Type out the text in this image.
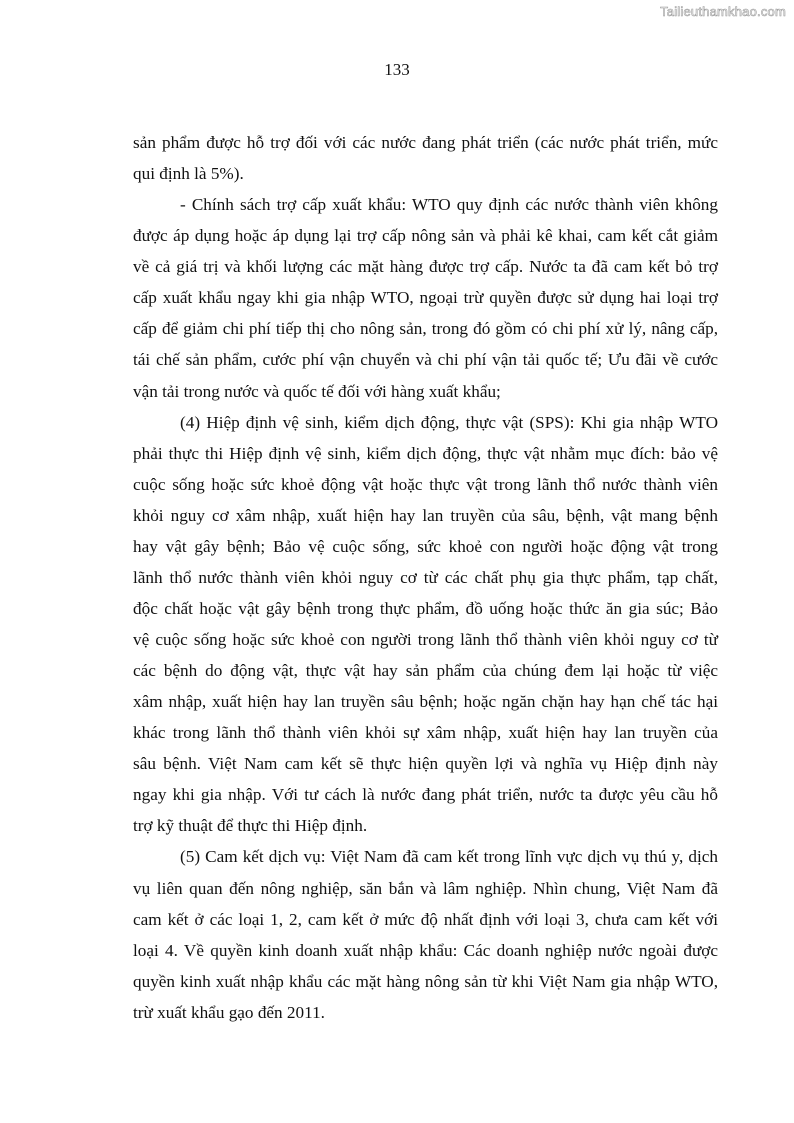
Tailieuthamkhao.com
133
sản phẩm được hỗ trợ đối với các nước đang phát triển (các nước phát triển, mức
qui định là 5%).
- Chính sách trợ cấp xuất khẩu: WTO quy định các nước thành viên không
được áp dụng hoặc áp dụng lại trợ cấp nông sản và phải kê khai, cam kết cắt giảm
về cả giá trị và khối lượng các mặt hàng được trợ cấp. Nước ta đã cam kết bỏ trợ
cấp xuất khẩu ngay khi gia nhập WTO, ngoại trừ quyền được sử dụng hai loại trợ
cấp để giảm chi phí tiếp thị cho nông sản, trong đó gồm có chi phí xử lý, nâng cấp,
tái chế sản phẩm, cước phí vận chuyển và chi phí vận tải quốc tế; Ưu đãi về cước
vận tải trong nước và quốc tế đối với hàng xuất khẩu;
(4) Hiệp định vệ sinh, kiểm dịch động, thực vật (SPS): Khi gia nhập WTO
phải thực thi Hiệp định vệ sinh, kiểm dịch động, thực vật nhằm mục đích: bảo vệ
cuộc sống hoặc sức khoẻ động vật hoặc thực vật trong lãnh thổ nước thành viên
khỏi nguy cơ xâm nhập, xuất hiện hay lan truyền của sâu, bệnh, vật mang bệnh
hay vật gây bệnh; Bảo vệ cuộc sống, sức khoẻ con người hoặc động vật trong
lãnh thổ nước thành viên khỏi nguy cơ từ các chất phụ gia thực phẩm, tạp chất,
độc chất hoặc vật gây bệnh trong thực phẩm, đồ uống hoặc thức ăn gia súc; Bảo
vệ cuộc sống hoặc sức khoẻ con người trong lãnh thổ thành viên khỏi nguy cơ từ
các bệnh do động vật, thực vật hay sản phẩm của chúng đem lại hoặc từ việc
xâm nhập, xuất hiện hay lan truyền sâu bệnh; hoặc ngăn chặn hay hạn chế tác hại
khác trong lãnh thổ thành viên khỏi sự xâm nhập, xuất hiện hay lan truyền của
sâu bệnh. Việt Nam cam kết sẽ thực hiện quyền lợi và nghĩa vụ Hiệp định này
ngay khi gia nhập. Với tư cách là nước đang phát triển, nước ta được yêu cầu hỗ
trợ kỹ thuật để thực thi Hiệp định.
(5) Cam kết dịch vụ: Việt Nam đã cam kết trong lĩnh vực dịch vụ thú y, dịch
vụ liên quan đến nông nghiệp, săn bắn và lâm nghiệp. Nhìn chung, Việt Nam đã
cam kết ở các loại 1, 2, cam kết ở mức độ nhất định với loại 3, chưa cam kết với
loại 4. Về quyền kinh doanh xuất nhập khẩu: Các doanh nghiệp nước ngoài được
quyền kinh xuất nhập khẩu các mặt hàng nông sản từ khi Việt Nam gia nhập WTO,
trừ xuất khẩu gạo đến 2011.
